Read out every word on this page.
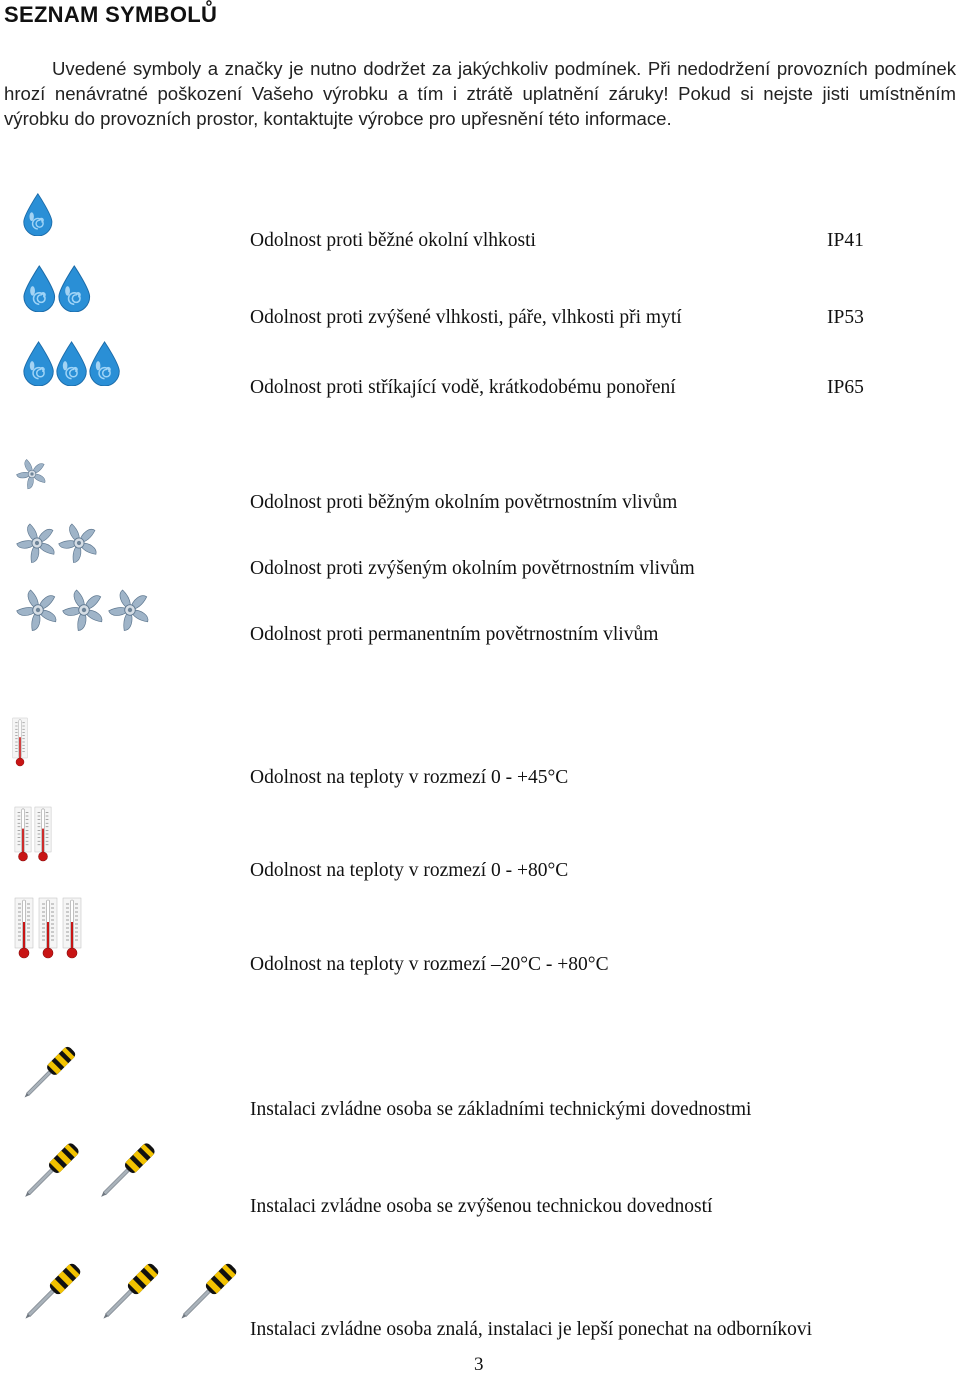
SEZNAM SYMBOLŮ
Uvedené symboly a značky je nutno dodržet za jakýchkoliv podmínek. Při nedodržení provozních podmínek hrozí nenávratné poškození Vašeho výrobku a tím i ztrátě uplatnění záruky! Pokud si nejste jisti umístněním výrobku do provozních prostor, kontaktujte výrobce pro upřesnění této informace.
Odolnost proti běžné okolní vlhkosti	IP41
Odolnost proti zvýšené vlhkosti, páře, vlhkosti při mytí	IP53
Odolnost proti stříkající vodě, krátkodobému ponoření	IP65
Odolnost proti běžným okolním povětrnostním vlivům
Odolnost proti zvýšeným okolním povětrnostním vlivům
Odolnost proti permanentním povětrnostním vlivům
Odolnost na teploty v rozmezí 0 - +45°C
Odolnost na teploty v rozmezí 0 - +80°C
Odolnost na teploty v rozmezí –20°C - +80°C
Instalaci zvládne osoba se základními technickými dovednostmi
Instalaci zvládne osoba se zvýšenou technickou dovedností
Instalaci zvládne osoba znalá, instalaci je lepší ponechat na odborníkovi
3
